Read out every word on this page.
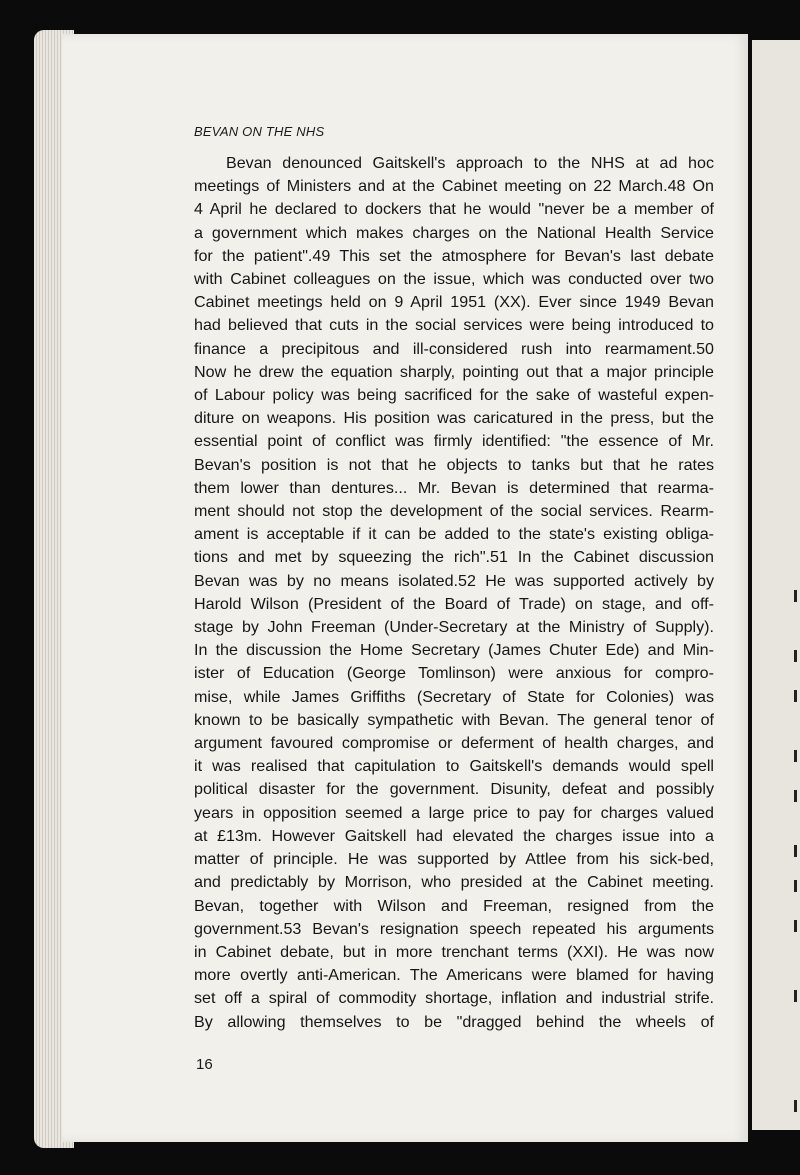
BEVAN ON THE NHS
Bevan denounced Gaitskell's approach to the NHS at ad hoc
meetings of Ministers and at the Cabinet meeting on 22 March.48 On
4 April he declared to dockers that he would "never be a member of
a government which makes charges on the National Health Service
for the patient".49 This set the atmosphere for Bevan's last debate
with Cabinet colleagues on the issue, which was conducted over two
Cabinet meetings held on 9 April 1951 (XX). Ever since 1949 Bevan
had believed that cuts in the social services were being introduced to
finance a precipitous and ill-considered rush into rearmament.50
Now he drew the equation sharply, pointing out that a major principle
of Labour policy was being sacrificed for the sake of wasteful expen-
diture on weapons. His position was caricatured in the press, but the
essential point of conflict was firmly identified: "the essence of Mr.
Bevan's position is not that he objects to tanks but that he rates
them lower than dentures... Mr. Bevan is determined that rearma-
ment should not stop the development of the social services. Rearm-
ament is acceptable if it can be added to the state's existing obliga-
tions and met by squeezing the rich".51 In the Cabinet discussion
Bevan was by no means isolated.52 He was supported actively by
Harold Wilson (President of the Board of Trade) on stage, and off-
stage by John Freeman (Under-Secretary at the Ministry of Supply).
In the discussion the Home Secretary (James Chuter Ede) and Min-
ister of Education (George Tomlinson) were anxious for compro-
mise, while James Griffiths (Secretary of State for Colonies) was
known to be basically sympathetic with Bevan. The general tenor of
argument favoured compromise or deferment of health charges, and
it was realised that capitulation to Gaitskell's demands would spell
political disaster for the government. Disunity, defeat and possibly
years in opposition seemed a large price to pay for charges valued
at £13m. However Gaitskell had elevated the charges issue into a
matter of principle. He was supported by Attlee from his sick-bed,
and predictably by Morrison, who presided at the Cabinet meeting.
Bevan, together with Wilson and Freeman, resigned from the
government.53 Bevan's resignation speech repeated his arguments
in Cabinet debate, but in more trenchant terms (XXI). He was now
more overtly anti-American. The Americans were blamed for having
set off a spiral of commodity shortage, inflation and industrial strife.
By allowing themselves to be "dragged behind the wheels of
16
